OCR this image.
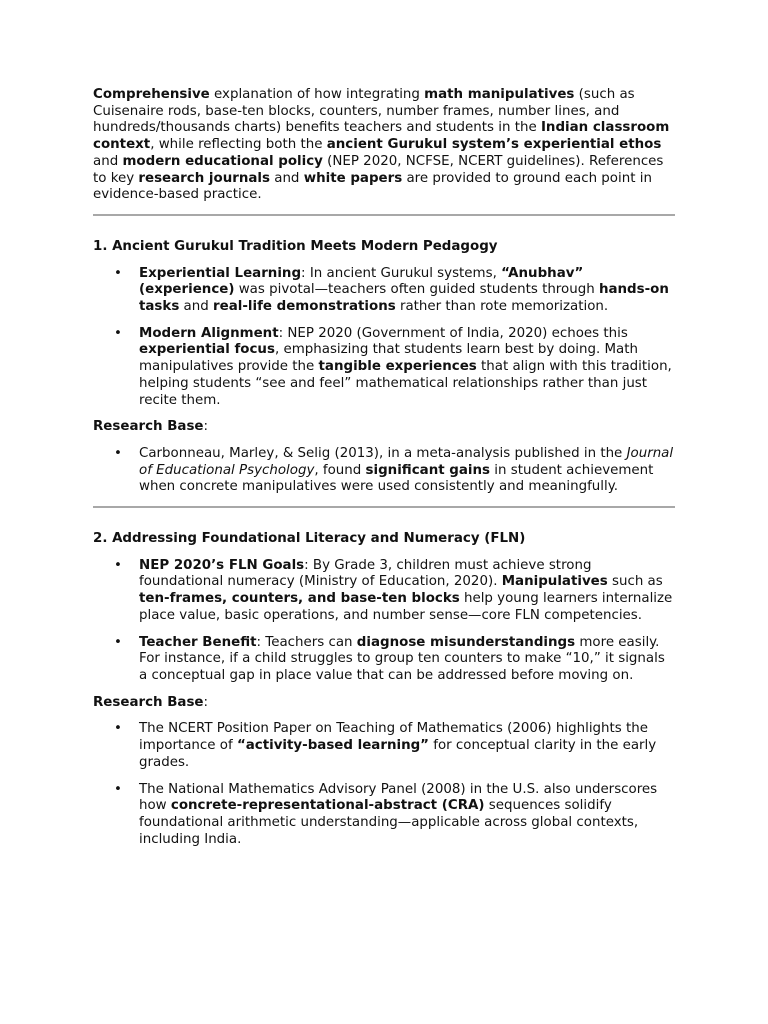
Comprehensive explanation of how integrating math manipulatives (such as Cuisenaire rods, base-ten blocks, counters, number frames, number lines, and hundreds/thousands charts) benefits teachers and students in the Indian classroom context, while reflecting both the ancient Gurukul system’s experiential ethos and modern educational policy (NEP 2020, NCFSE, NCERT guidelines). References to key research journals and white papers are provided to ground each point in evidence-based practice.

1. Ancient Gurukul Tradition Meets Modern Pedagogy

• Experiential Learning: In ancient Gurukul systems, “Anubhav” (experience) was pivotal—teachers often guided students through hands-on tasks and real-life demonstrations rather than rote memorization.
• Modern Alignment: NEP 2020 (Government of India, 2020) echoes this experiential focus, emphasizing that students learn best by doing. Math manipulatives provide the tangible experiences that align with this tradition, helping students “see and feel” mathematical relationships rather than just recite them.

Research Base:

• Carbonneau, Marley, & Selig (2013), in a meta-analysis published in the Journal of Educational Psychology, found significant gains in student achievement when concrete manipulatives were used consistently and meaningfully.

2. Addressing Foundational Literacy and Numeracy (FLN)

• NEP 2020’s FLN Goals: By Grade 3, children must achieve strong foundational numeracy (Ministry of Education, 2020). Manipulatives such as ten-frames, counters, and base-ten blocks help young learners internalize place value, basic operations, and number sense—core FLN competencies.
• Teacher Benefit: Teachers can diagnose misunderstandings more easily. For instance, if a child struggles to group ten counters to make “10,” it signals a conceptual gap in place value that can be addressed before moving on.

Research Base:

• The NCERT Position Paper on Teaching of Mathematics (2006) highlights the importance of “activity-based learning” for conceptual clarity in the early grades.
• The National Mathematics Advisory Panel (2008) in the U.S. also underscores how concrete-representational-abstract (CRA) sequences solidify foundational arithmetic understanding—applicable across global contexts, including India.
